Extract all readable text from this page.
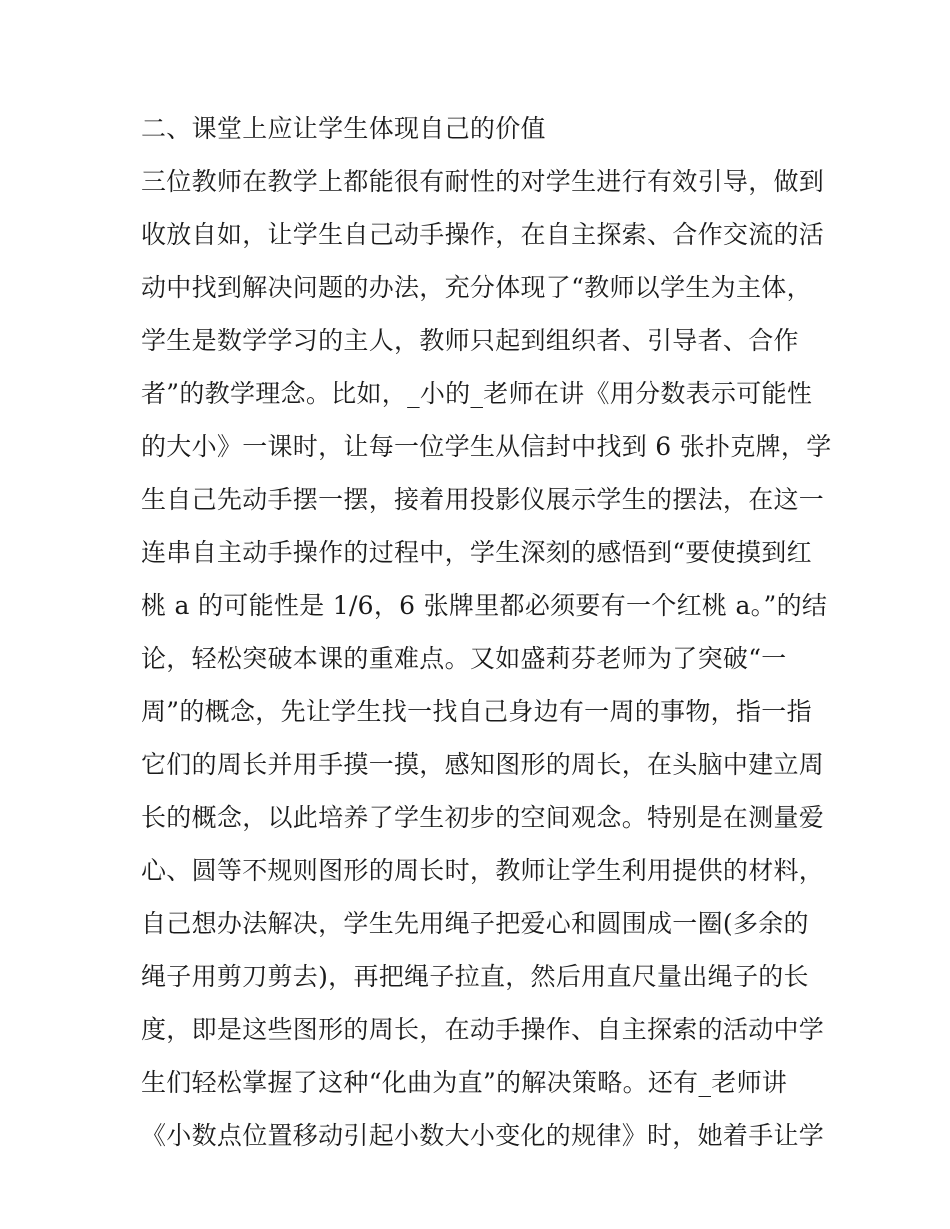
二、课堂上应让学生体现自己的价值
三位教师在教学上都能很有耐性的对学生进行有效引导，做到
收放自如，让学生自己动手操作，在自主探索、合作交流的活
动中找到解决问题的办法，充分体现了“教师以学生为主体，
学生是数学学习的主人，教师只起到组织者、引导者、合作
者”的教学理念。比如，_小的_老师在讲《用分数表示可能性
的大小》一课时，让每一位学生从信封中找到 6 张扑克牌，学
生自己先动手摆一摆，接着用投影仪展示学生的摆法，在这一
连串自主动手操作的过程中，学生深刻的感悟到“要使摸到红
桃 a 的可能性是 1/6，6 张牌里都必须要有一个红桃 a。”的结
论，轻松突破本课的重难点。又如盛莉芬老师为了突破“一
周”的概念，先让学生找一找自己身边有一周的事物，指一指
它们的周长并用手摸一摸，感知图形的周长，在头脑中建立周
长的概念，以此培养了学生初步的空间观念。特别是在测量爱
心、圆等不规则图形的周长时，教师让学生利用提供的材料，
自己想办法解决，学生先用绳子把爱心和圆围成一圈(多余的
绳子用剪刀剪去)，再把绳子拉直，然后用直尺量出绳子的长
度，即是这些图形的周长，在动手操作、自主探索的活动中学
生们轻松掌握了这种“化曲为直”的解决策略。还有_老师讲
《小数点位置移动引起小数大小变化的规律》时，她着手让学
